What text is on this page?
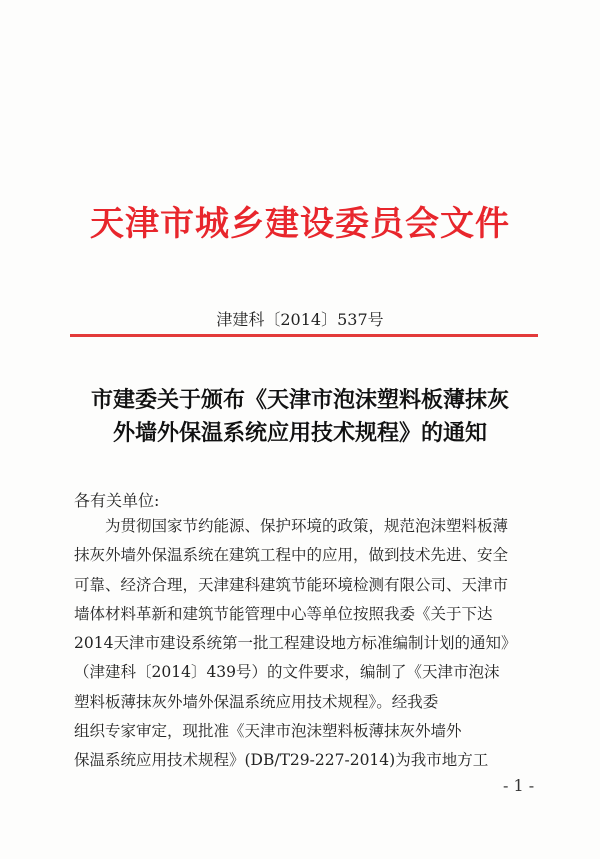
天津市城乡建设委员会文件
津建科〔2014〕537号
市建委关于颁布《天津市泡沫塑料板薄抹灰
外墙外保温系统应用技术规程》的通知
各有关单位:
　　为贯彻国家节约能源、保护环境的政策，规范泡沫塑料板薄
抹灰外墙外保温系统在建筑工程中的应用，做到技术先进、安全
可靠、经济合理，天津建科建筑节能环境检测有限公司、天津市
墙体材料革新和建筑节能管理中心等单位按照我委《关于下达
2014天津市建设系统第一批工程建设地方标准编制计划的通知》
（津建科〔2014〕439号）的文件要求，编制了《天津市泡沫
塑料板薄抹灰外墙外保温系统应用技术规程》。经我委
组织专家审定，现批准《天津市泡沫塑料板薄抹灰外墙外
保温系统应用技术规程》(DB/T29-227-2014)为我市地方工
- 1 -
